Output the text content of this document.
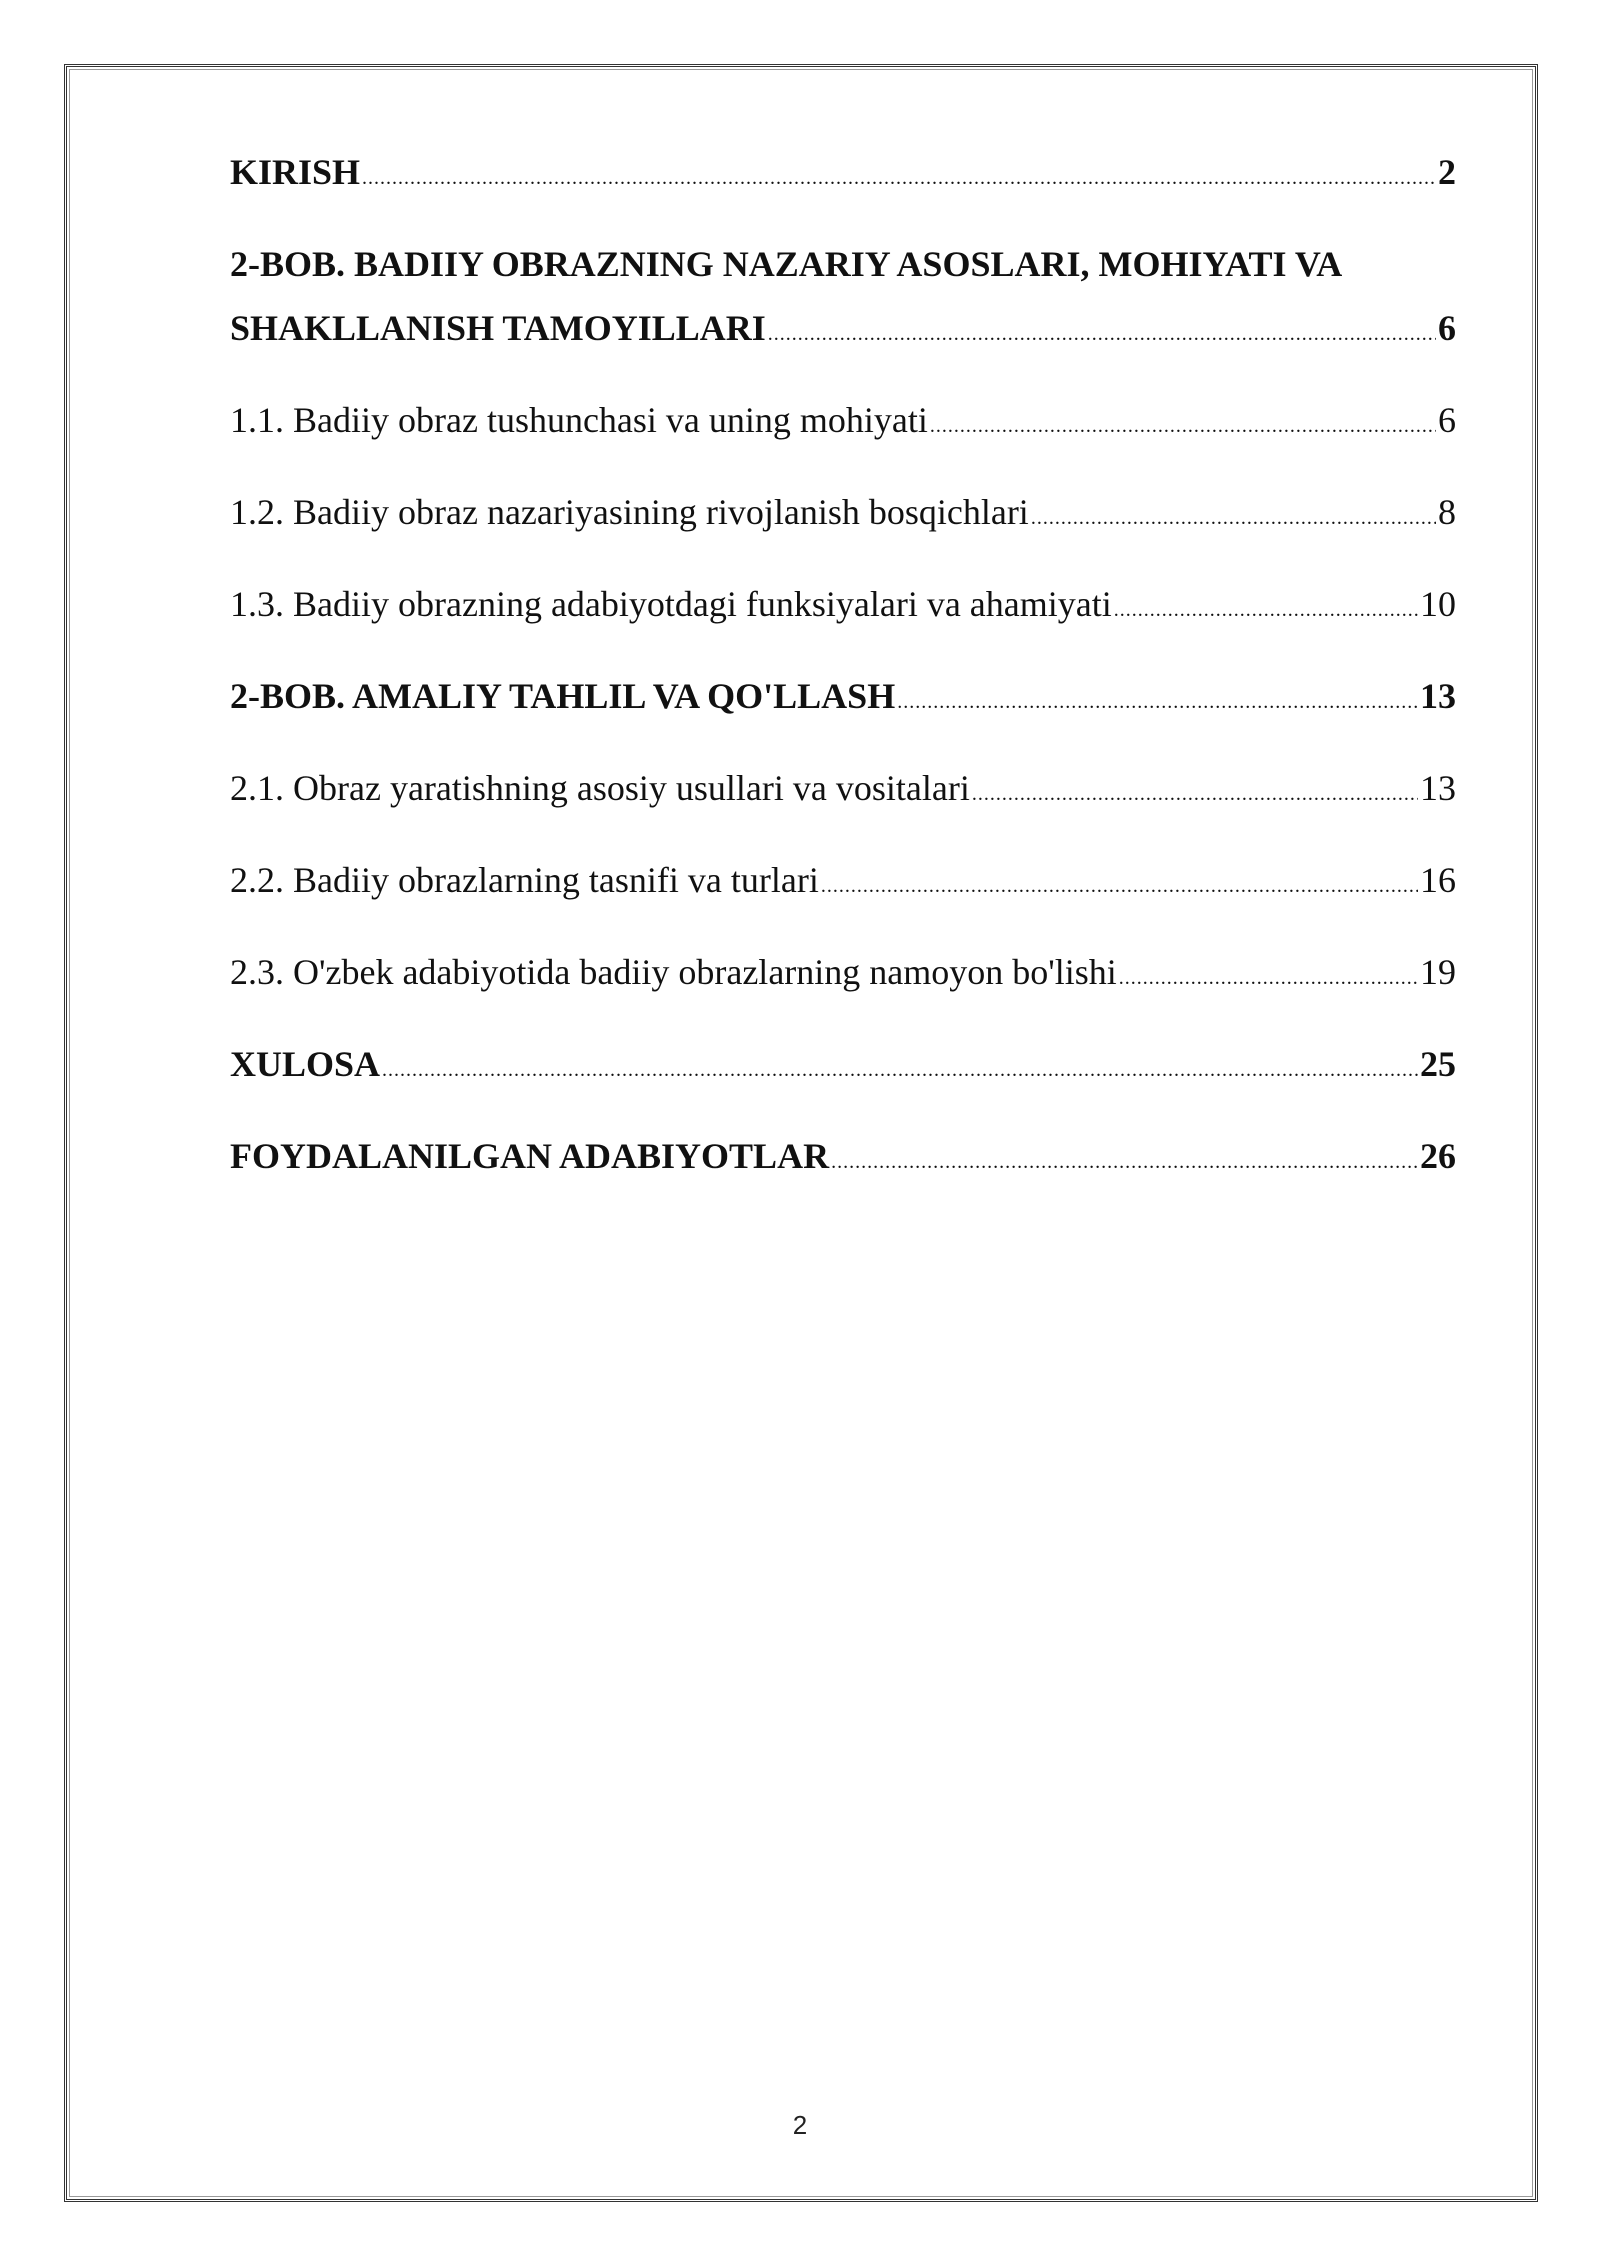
KIRISH .....	2
2-BOB. BADIIY OBRAZNING NAZARIY ASOSLARI, MOHIYATI VA
SHAKLLANISH TAMOYILLARI .....	6
1.1. Badiiy obraz tushunchasi va uning mohiyati .....	6
1.2. Badiiy obraz nazariyasining rivojlanish bosqichlari .....	8
1.3. Badiiy obrazning adabiyotdagi funksiyalari va ahamiyati .....	10
2-BOB. AMALIY TAHLIL VA QO'LLASH .....	13
2.1. Obraz yaratishning asosiy usullari va vositalari .....	13
2.2. Badiiy obrazlarning tasnifi va turlari .....	16
2.3. O'zbek adabiyotida badiiy obrazlarning namoyon bo'lishi .....	19
XULOSA .....	25
FOYDALANILGAN ADABIYOTLAR .....	26
2
